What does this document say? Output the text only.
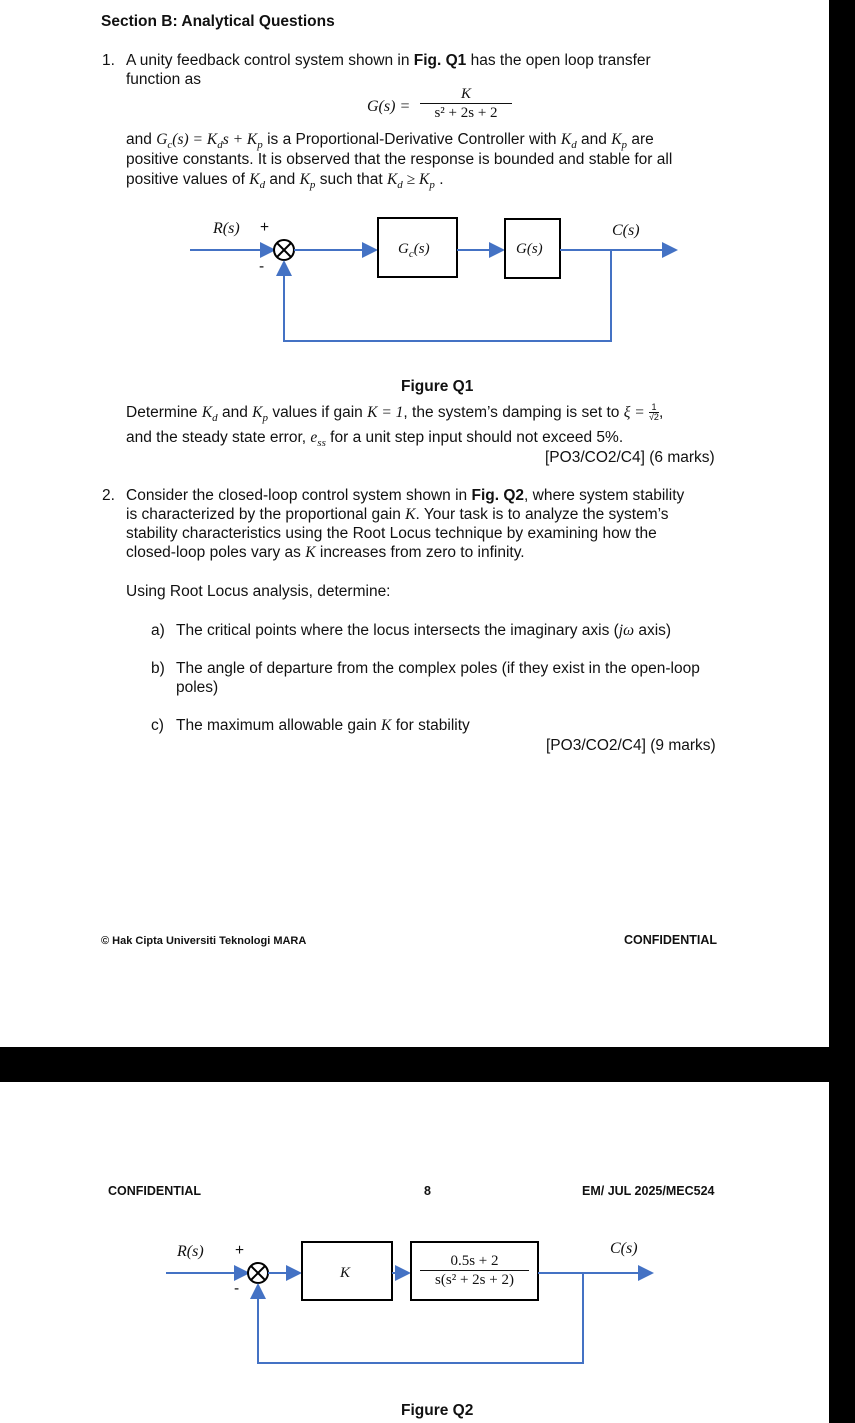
Section B: Analytical Questions
1. A unity feedback control system shown in Fig. Q1 has the open loop transfer
function as
$G(s) = \frac{K}{\text{s² + 2s + 2}}$
and $G_c(s) = K_ds + K_p$ is a Proportional-Derivative Controller with $K_d$ and $K_p$ are
positive constants. It is observed that the response is bounded and stable for all
positive values of $K_d$ and $K_p$ such that $K_d \ge K_p$ .
R(s) +
-
$G_c(s)$	G(s)
C(s)
Figure Q1
Determine $K_d$ and $K_p$ values if gain K = 1, the system’s damping is set to $\xi = \frac{1}{√2}$ ,
and the steady state error, $e_{ss}$ for a unit step input should not exceed 5%.
[PO3/CO2/C4] (6 marks)
2. Consider the closed-loop control system shown in Fig. Q2, where system stability
is characterized by the proportional gain K. Your task is to analyze the system’s
stability characteristics using the Root Locus technique by examining how the
closed-loop poles vary as K increases from zero to infinity.
Using Root Locus analysis, determine:
a) The critical points where the locus intersects the imaginary axis (jω axis)
b) The angle of departure from the complex poles (if they exist in the open-loop
poles)
c) The maximum allowable gain K for stability
[PO3/CO2/C4] (9 marks)
© Hak Cipta Universiti Teknologi MARA	CONFIDENTIAL
CONFIDENTIAL	8	EM/ JUL 2025/MEC524
R(s) +
-
K	$\frac{0.5s + 2}{\text{s(s² + 2s + 2)}}$
C(s)
Figure Q2
